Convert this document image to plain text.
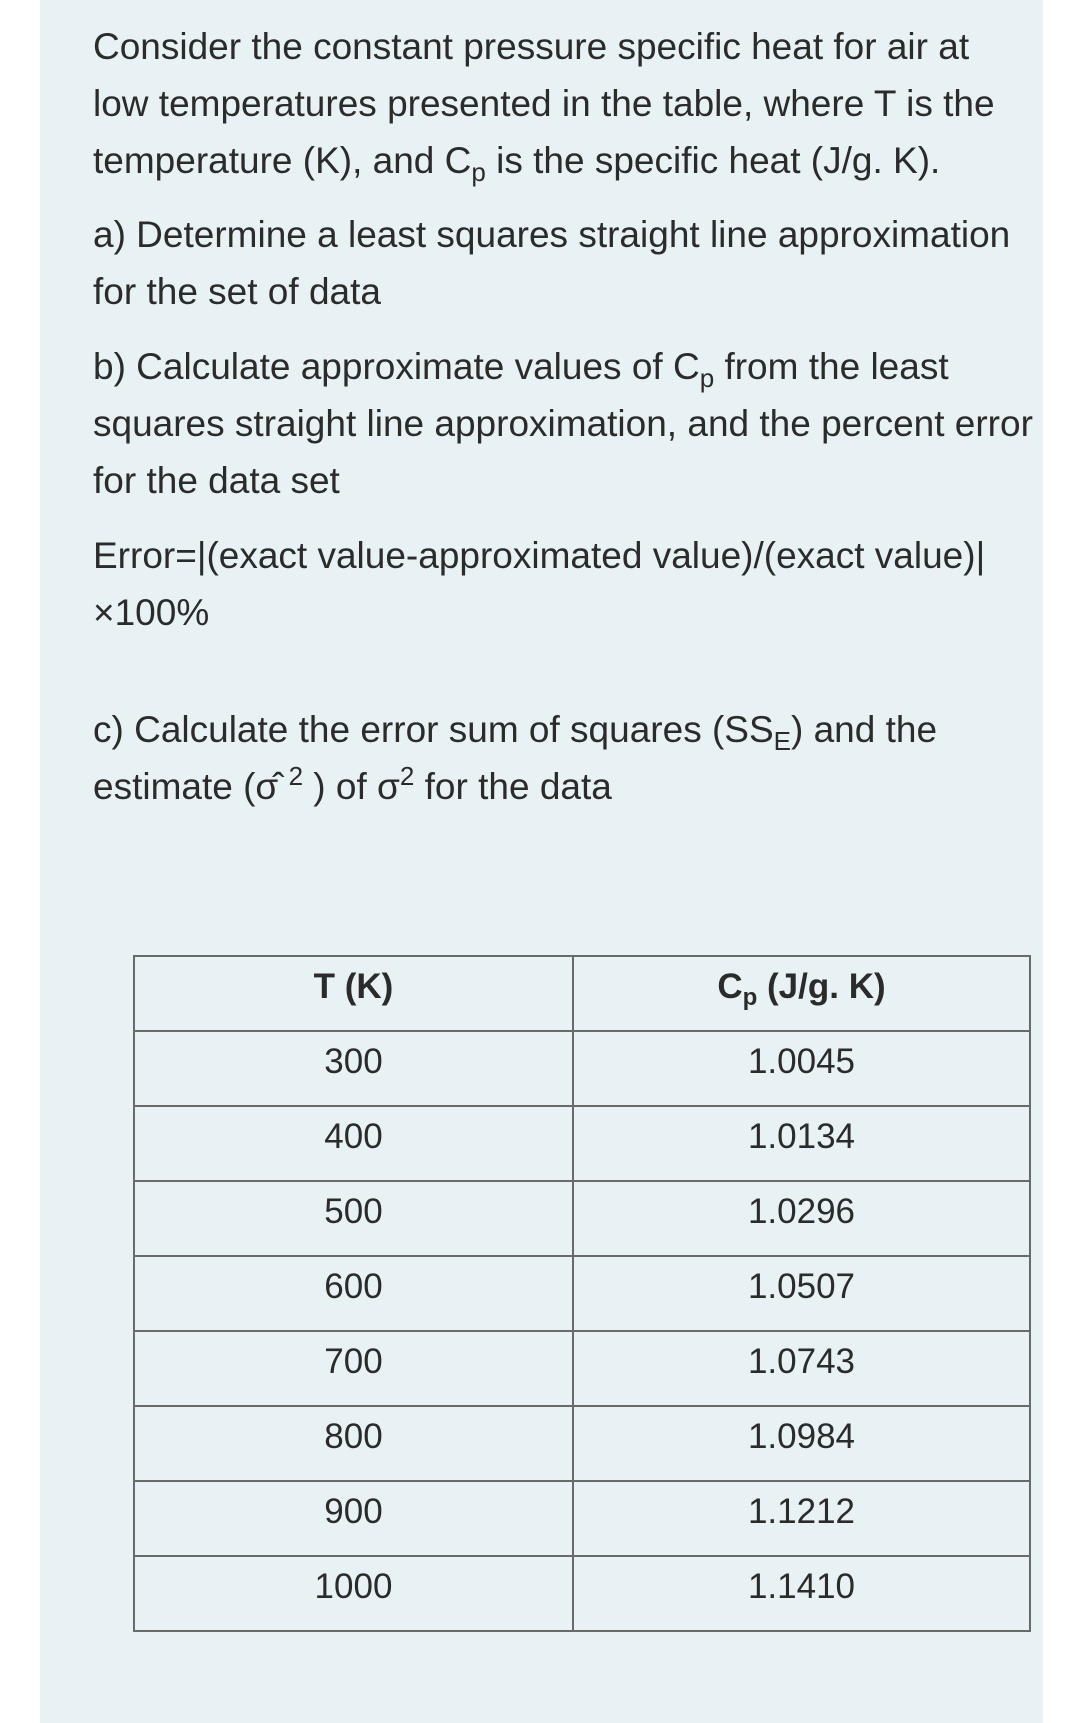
Consider the constant pressure specific heat for air at low temperatures presented in the table, where T is the temperature (K), and $C_p$ is the specific heat (J/g. K).

a) Determine a least squares straight line approximation for the set of data

b) Calculate approximate values of $C_p$ from the least squares straight line approximation, and the percent error for the data set

Error=|(exact value-approximated value)/(exact value)|×100%

c) Calculate the error sum of squares $(SS_E)$ and the estimate (σ̂ $^2$ ) of $\sigma^2$ for the data

T (K)	$C_p$ (J/g. K)
300	1.0045
400	1.0134
500	1.0296
600	1.0507
700	1.0743
800	1.0984
900	1.1212
1000	1.1410
